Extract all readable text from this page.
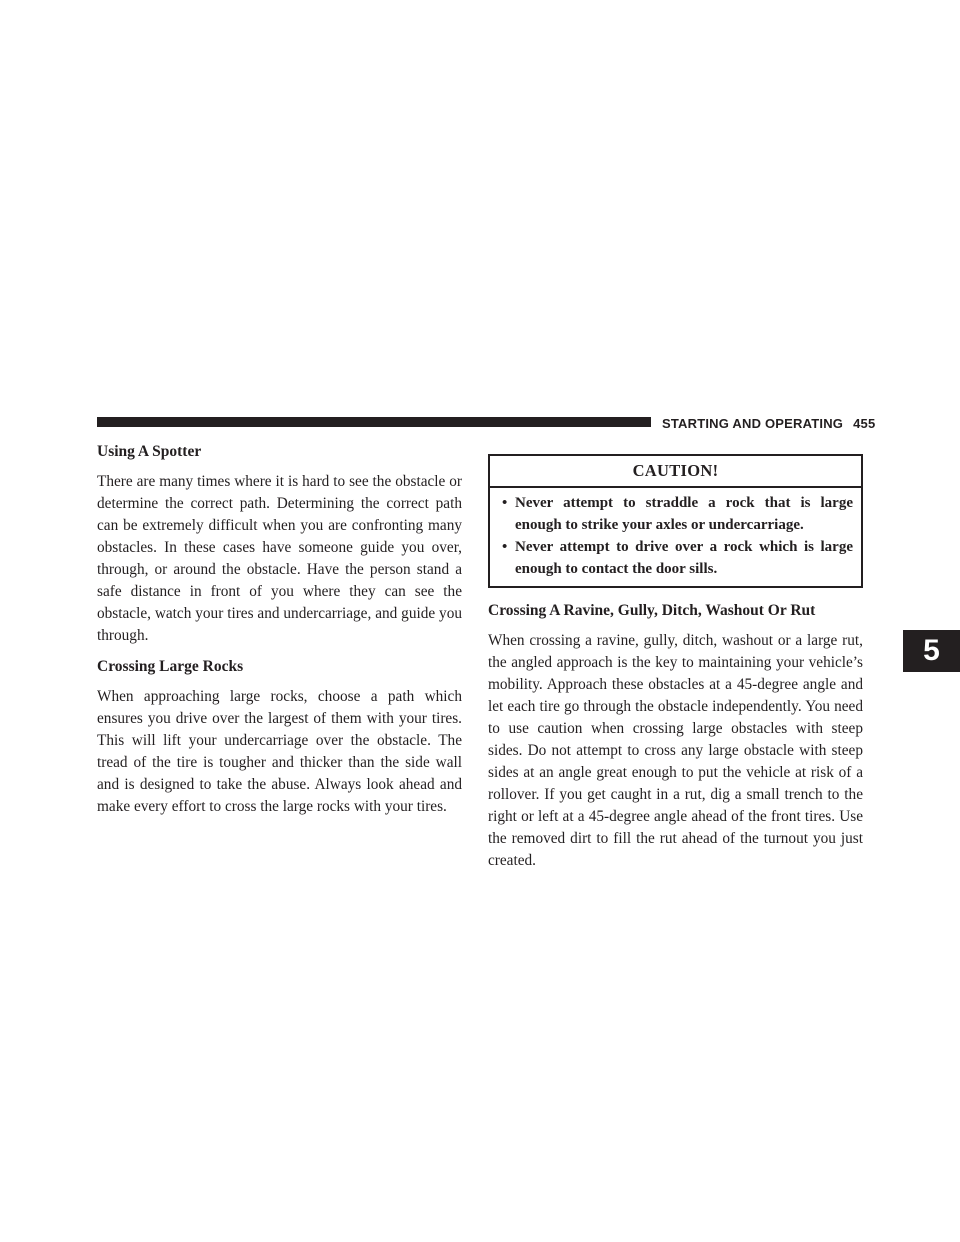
STARTING AND OPERATING 455
Using A Spotter

There are many times where it is hard to see the obstacle or determine the correct path. Determining the correct path can be extremely difficult when you are confronting many obstacles. In these cases have someone guide you over, through, or around the obstacle. Have the person stand a safe distance in front of you where they can see the obstacle, watch your tires and undercarriage, and guide you through.

Crossing Large Rocks

When approaching large rocks, choose a path which ensures you drive over the largest of them with your tires. This will lift your undercarriage over the obstacle. The tread of the tire is tougher and thicker than the side wall and is designed to take the abuse. Always look ahead and make every effort to cross the large rocks with your tires.

CAUTION!
• Never attempt to straddle a rock that is large enough to strike your axles or undercarriage.
• Never attempt to drive over a rock which is large enough to contact the door sills.
Crossing A Ravine, Gully, Ditch, Washout Or Rut

When crossing a ravine, gully, ditch, washout or a large rut, the angled approach is the key to maintaining your vehicle’s mobility. Approach these obstacles at a 45-degree angle and let each tire go through the obstacle independently. You need to use caution when crossing large obstacles with steep sides. Do not attempt to cross any large obstacle with steep sides at an angle great enough to put the vehicle at risk of a rollover. If you get caught in a rut, dig a small trench to the right or left at a 45-degree angle ahead of the front tires. Use the removed dirt to fill the rut ahead of the turnout you just created.

5
